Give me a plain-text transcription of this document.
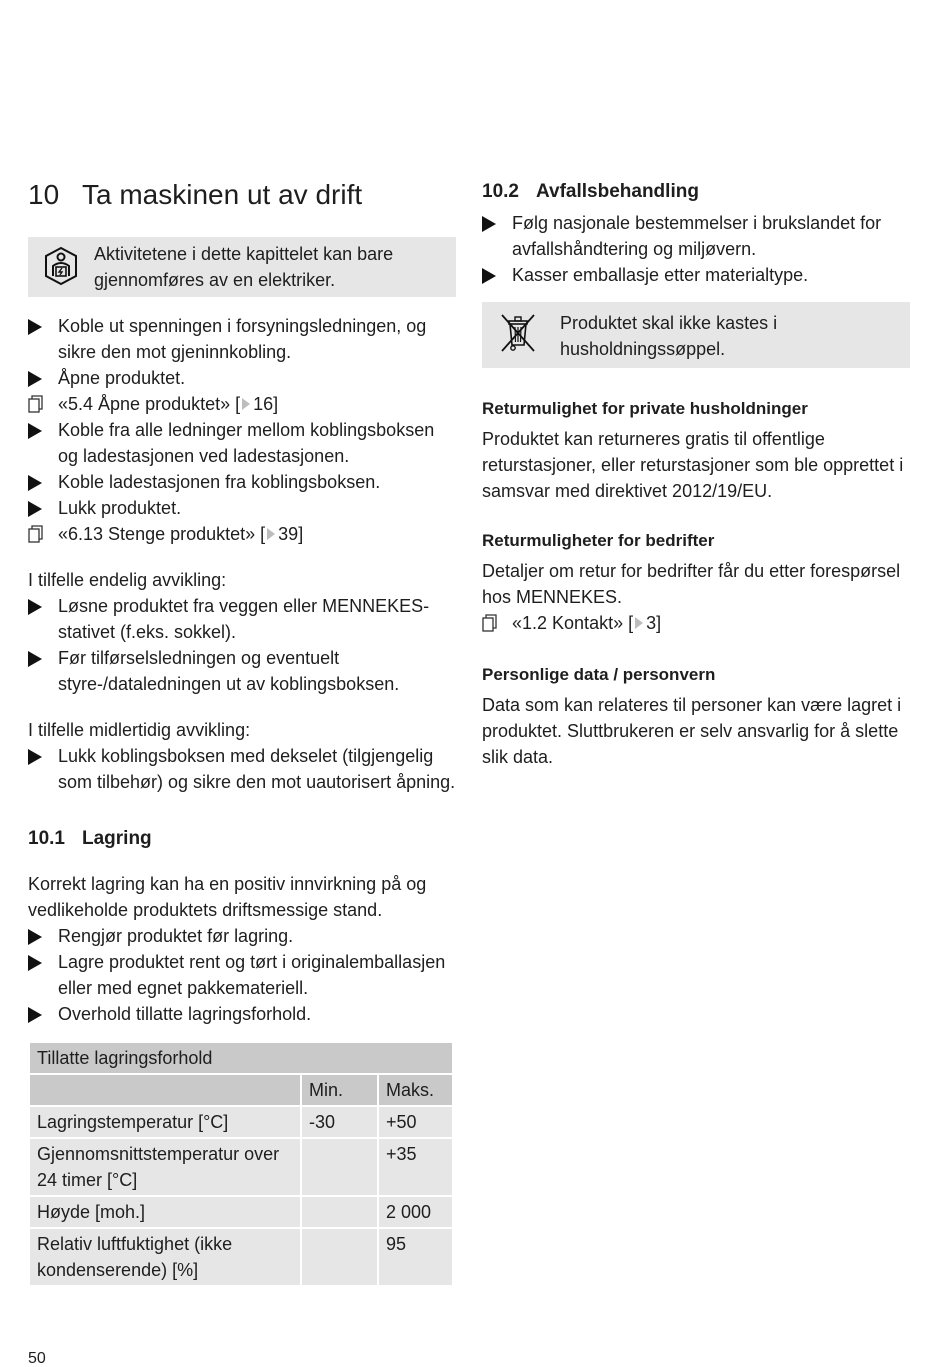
10 Ta maskinen ut av drift

Aktivitetene i dette kapittelet kan bare gjennomføres av en elektriker.

Koble ut spenningen i forsyningsledningen, og sikre den mot gjeninnkobling.
Åpne produktet.
«5.4 Åpne produktet» [ 16]
Koble fra alle ledninger mellom koblingsboksen og ladestasjonen ved ladestasjonen.
Koble ladestasjonen fra koblingsboksen.
Lukk produktet.
«6.13 Stenge produktet» [ 39]

I tilfelle endelig avvikling:

Løsne produktet fra veggen eller MENNEKES-stativet (f.eks. sokkel).
Før tilførselsledningen og eventuelt styre-/dataledningen ut av koblingsboksen.

I tilfelle midlertidig avvikling:

Lukk koblingsboksen med dekselet (tilgjengelig som tilbehør) og sikre den mot uautorisert åpning.
10.1 Lagring

Korrekt lagring kan ha en positiv innvirkning på og vedlikeholde produktets driftsmessige stand.

Rengjør produktet før lagring.
Lagre produktet rent og tørt i originalemballasjen eller med egnet pakkemateriell.
Overhold tillatte lagringsforhold.
Tillatte lagringsforhold		
	Min.	Maks.
Lagringstemperatur [°C]	-30	+50
Gjennomsnittstemperatur over 24 timer [°C]		+35
Høyde [moh.]		2 000
Relativ luftfuktighet (ikke kondenserende) [%]		95
10.2 Avfallsbehandling
Følg nasjonale bestemmelser i brukslandet for avfallshåndtering og miljøvern.
Kasser emballasje etter materialtype.

Produktet skal ikke kastes i husholdningssøppel.

Returmulighet for private husholdninger

Produktet kan returneres gratis til offentlige returstasjoner, eller returstasjoner som ble opprettet i samsvar med direktivet 2012/19/EU.

Returmuligheter for bedrifter

Detaljer om retur for bedrifter får du etter forespørsel hos MENNEKES.

«1.2 Kontakt» [ 3]
Personlige data / personvern

Data som kan relateres til personer kan være lagret i produktet. Sluttbrukeren er selv ansvarlig for å slette slik data.

50
